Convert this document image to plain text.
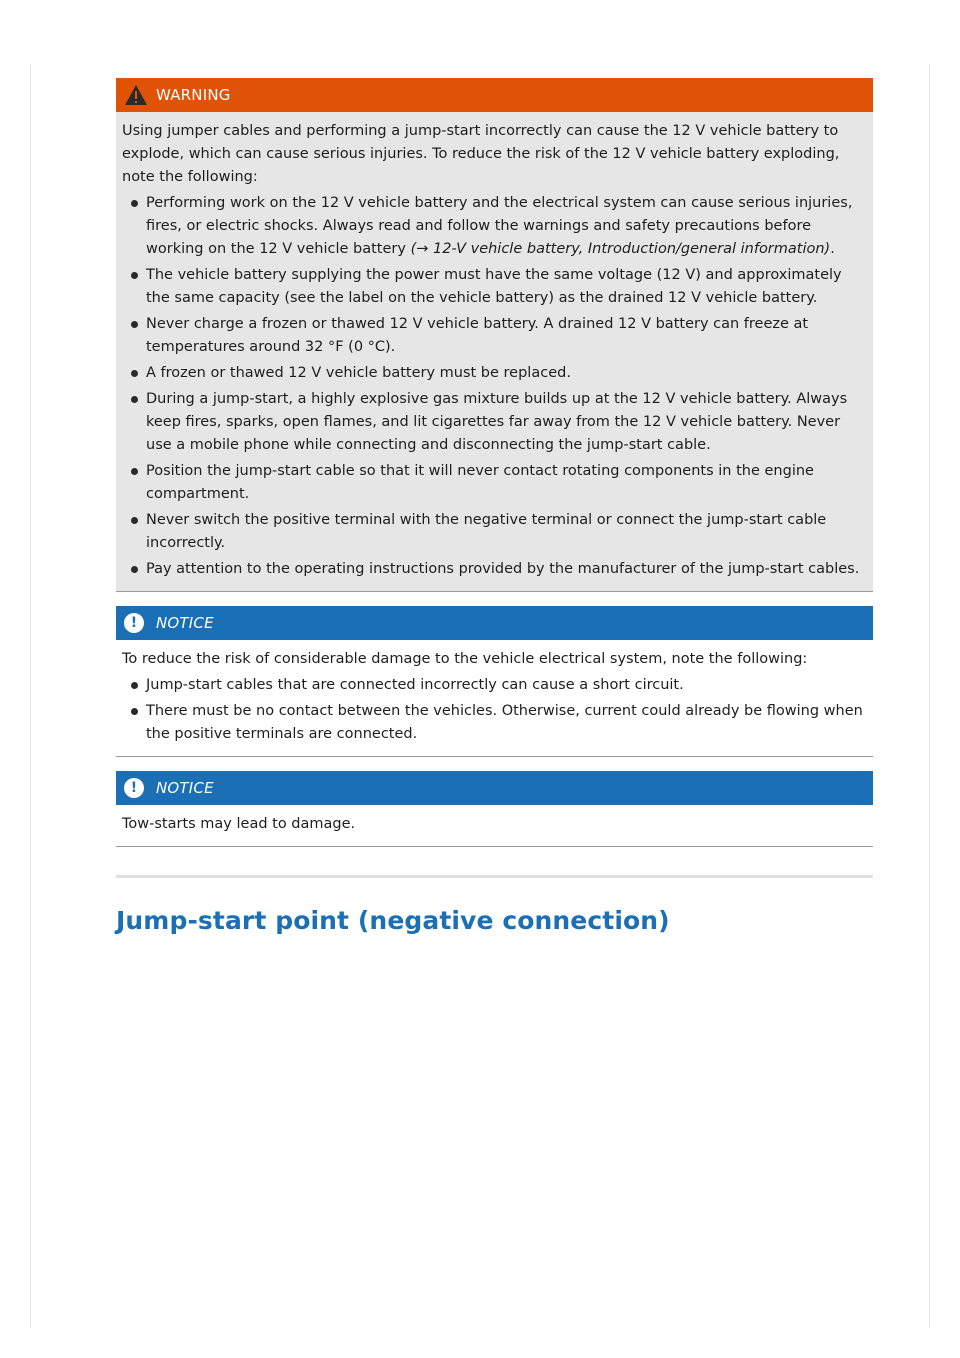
WARNING

Using jumper cables and performing a jump-start incorrectly can cause the 12 V vehicle battery to explode, which can cause serious injuries. To reduce the risk of the 12 V vehicle battery exploding, note the following:

Performing work on the 12 V vehicle battery and the electrical system can cause serious injuries, fires, or electric shocks. Always read and follow the warnings and safety precautions before working on the 12 V vehicle battery (→ 12-V vehicle battery, Introduction/general information).
The vehicle battery supplying the power must have the same voltage (12 V) and approximately the same capacity (see the label on the vehicle battery) as the drained 12 V vehicle battery.
Never charge a frozen or thawed 12 V vehicle battery. A drained 12 V battery can freeze at temperatures around 32 °F (0 °C).
A frozen or thawed 12 V vehicle battery must be replaced.
During a jump-start, a highly explosive gas mixture builds up at the 12 V vehicle battery. Always keep fires, sparks, open flames, and lit cigarettes far away from the 12 V vehicle battery. Never use a mobile phone while connecting and disconnecting the jump-start cable.
Position the jump-start cable so that it will never contact rotating components in the engine compartment.
Never switch the positive terminal with the negative terminal or connect the jump-start cable incorrectly.
Pay attention to the operating instructions provided by the manufacturer of the jump-start cables.
!	NOTICE

To reduce the risk of considerable damage to the vehicle electrical system, note the following:

Jump-start cables that are connected incorrectly can cause a short circuit.
There must be no contact between the vehicles. Otherwise, current could already be flowing when the positive terminals are connected.
!	NOTICE

Tow-starts may lead to damage.

Jump-start point (negative connection)
